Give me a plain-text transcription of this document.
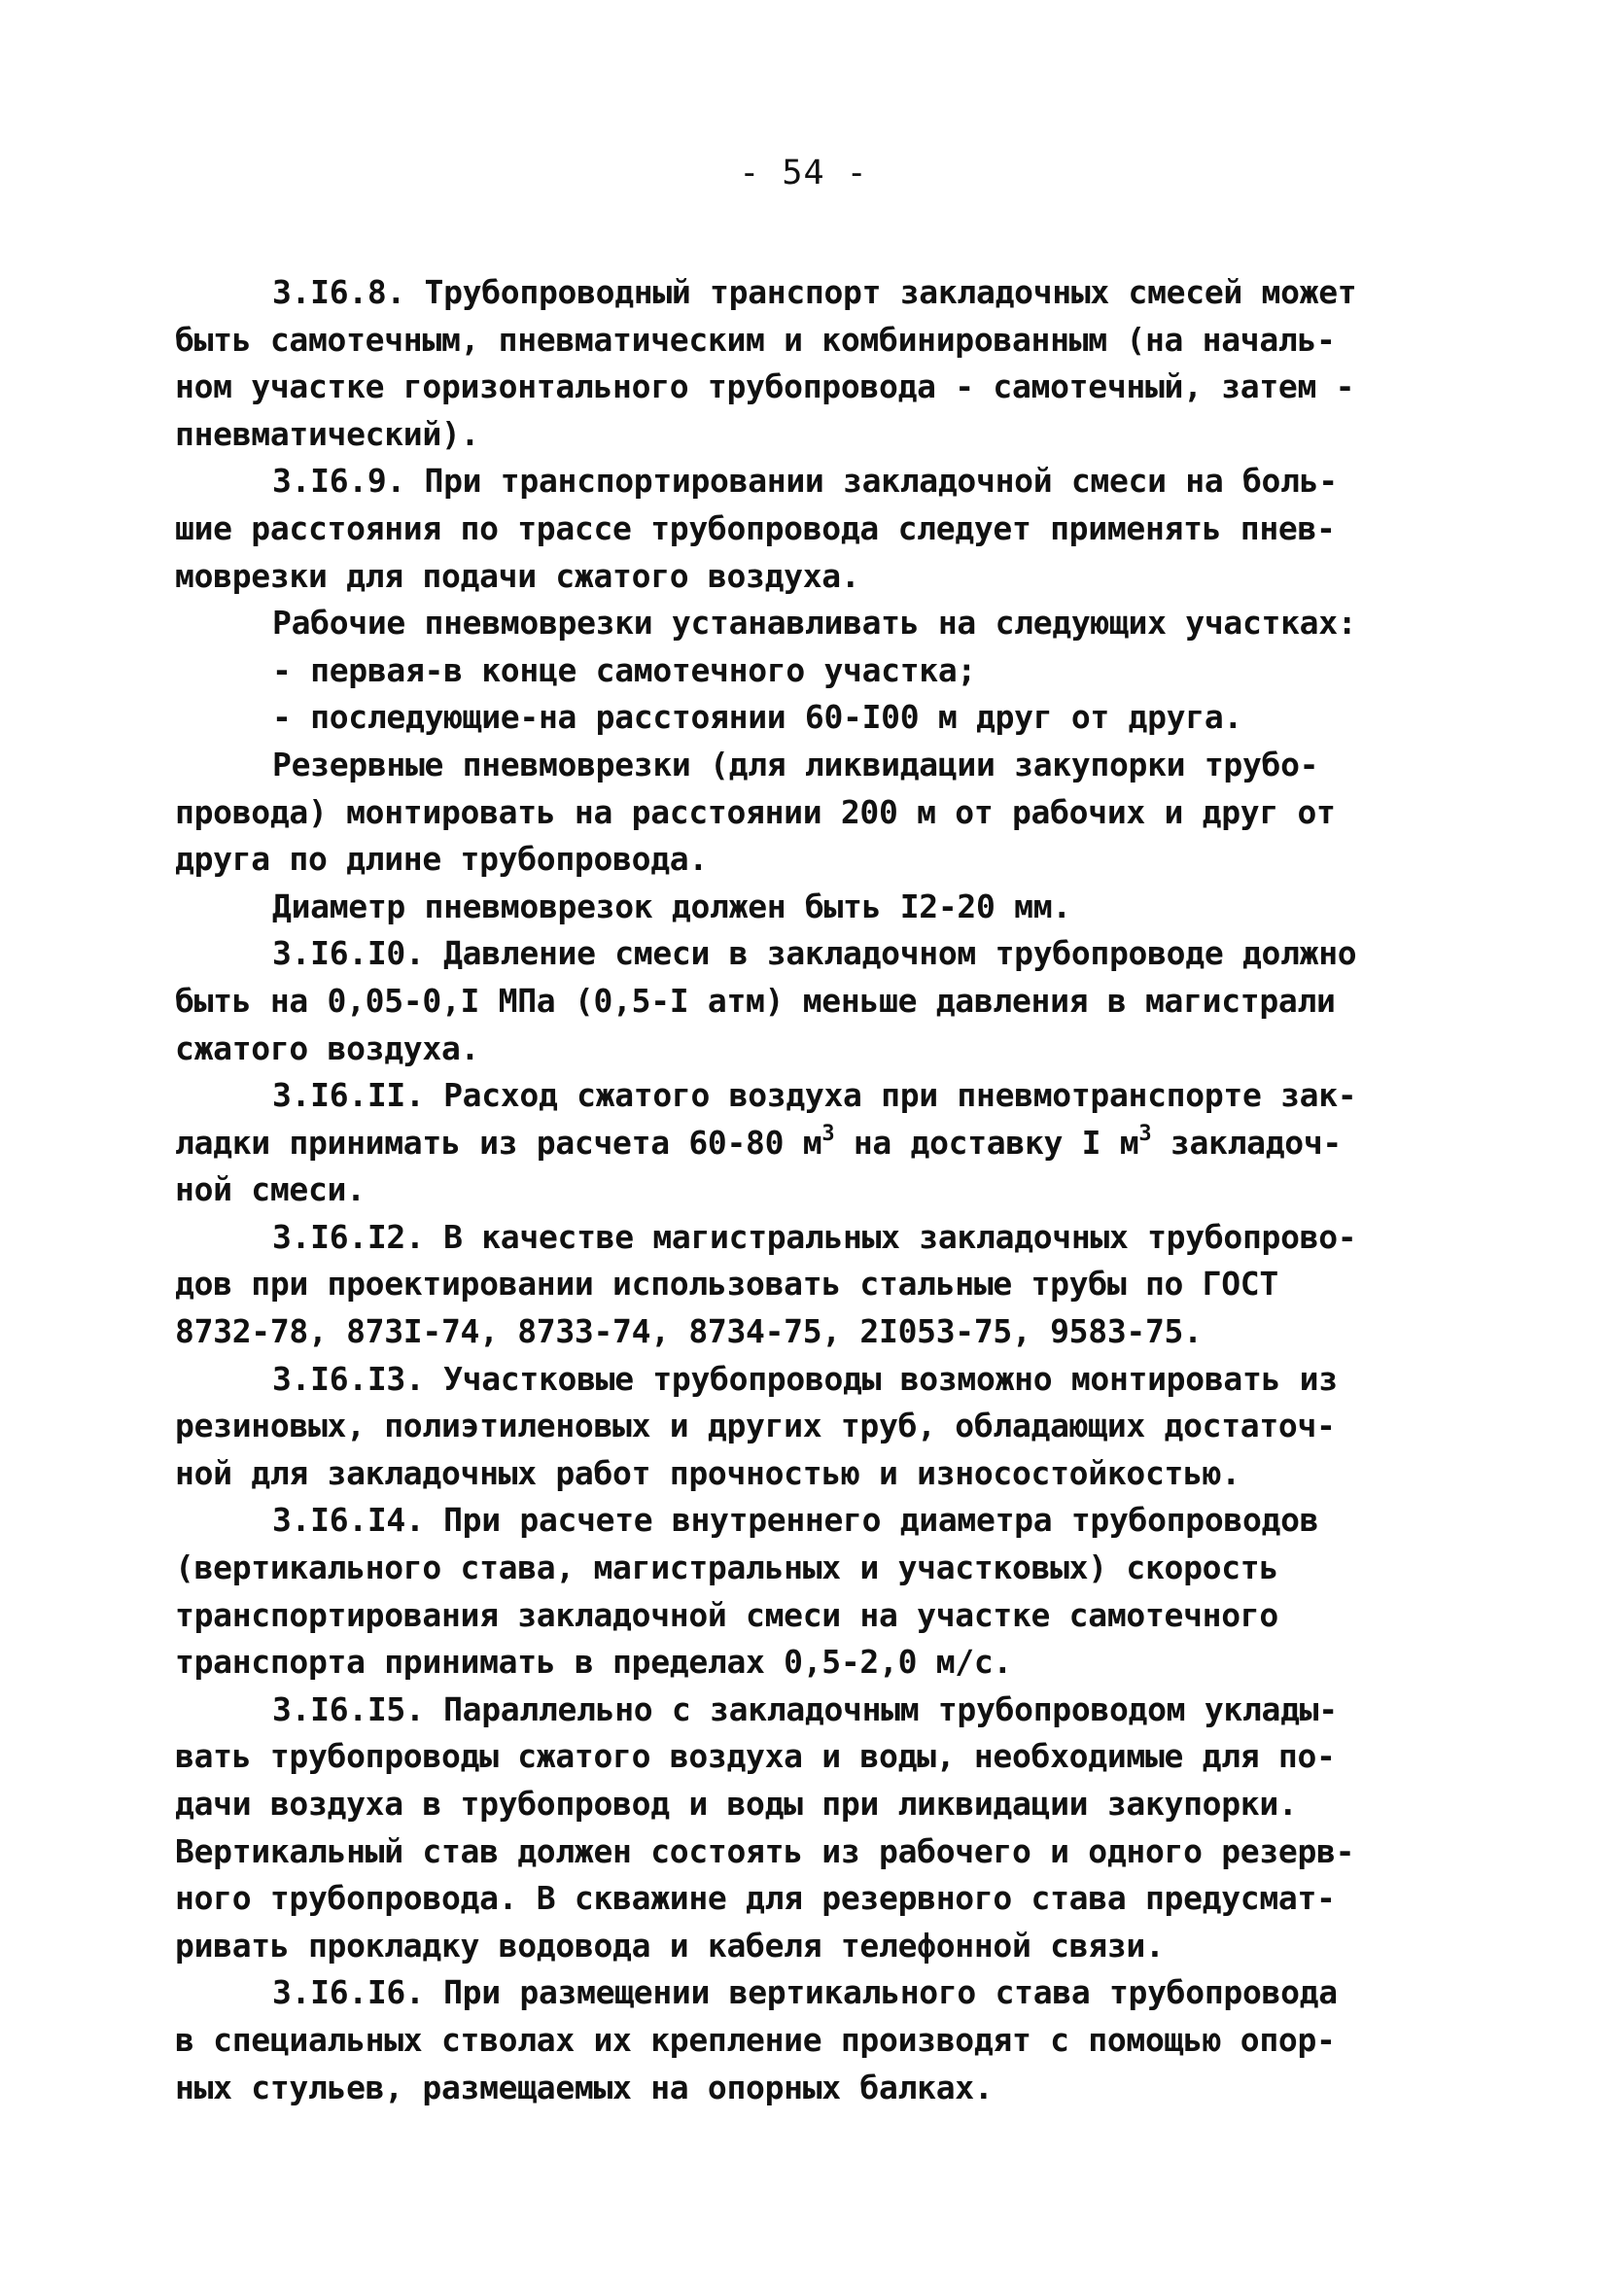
- 54 -
3.I6.8. Трубопроводный транспорт закладочных смесей может
быть самотечным, пневматическим и комбинированным (на началь-
ном участке горизонтального трубопровода - самотечный, затем -
пневматический).
3.I6.9. При транспортировании закладочной смеси на боль-
шие расстояния по трассе трубопровода следует применять пнев-
моврезки для подачи сжатого воздуха.
Рабочие пневмоврезки устанавливать на следующих участках:
- первая-в конце самотечного участка;
- последующие-на расстоянии 60-I00 м друг от друга.
Резервные пневмоврезки (для ликвидации закупорки трубо-
провода) монтировать на расстоянии 200 м от рабочих и друг от
друга по длине трубопровода.
Диаметр пневмоврезок должен быть I2-20 мм.
3.I6.I0. Давление смеси в закладочном трубопроводе должно
быть на 0,05-0,I МПа (0,5-I атм) меньше давления в магистрали
сжатого воздуха.
3.I6.II. Расход сжатого воздуха при пневмотранспорте зак-
ладки принимать из расчета 60-80 $м^3$ на доставку I $м^3$ закладоч-
ной смеси.
3.I6.I2. В качестве магистральных закладочных трубопрово-
дов при проектировании использовать стальные трубы по ГОСТ
8732-78, 873I-74, 8733-74, 8734-75, 2I053-75, 9583-75.
3.I6.I3. Участковые трубопроводы возможно монтировать из
резиновых, полиэтиленовых и других труб, обладающих достаточ-
ной для закладочных работ прочностью и износостойкостью.
3.I6.I4. При расчете внутреннего диаметра трубопроводов
(вертикального става, магистральных и участковых) скорость
транспортирования закладочной смеси на участке самотечного
транспорта принимать в пределах 0,5-2,0 м/с.
3.I6.I5. Параллельно с закладочным трубопроводом уклады-
вать трубопроводы сжатого воздуха и воды, необходимые для по-
дачи воздуха в трубопровод и воды при ликвидации закупорки.
Вертикальный став должен состоять из рабочего и одного резерв-
ного трубопровода. В скважине для резервного става предусмат-
ривать прокладку водовода и кабеля телефонной связи.
3.I6.I6. При размещении вертикального става трубопровода
в специальных стволах их крепление производят с помощью опор-
ных стульев, размещаемых на опорных балках.
